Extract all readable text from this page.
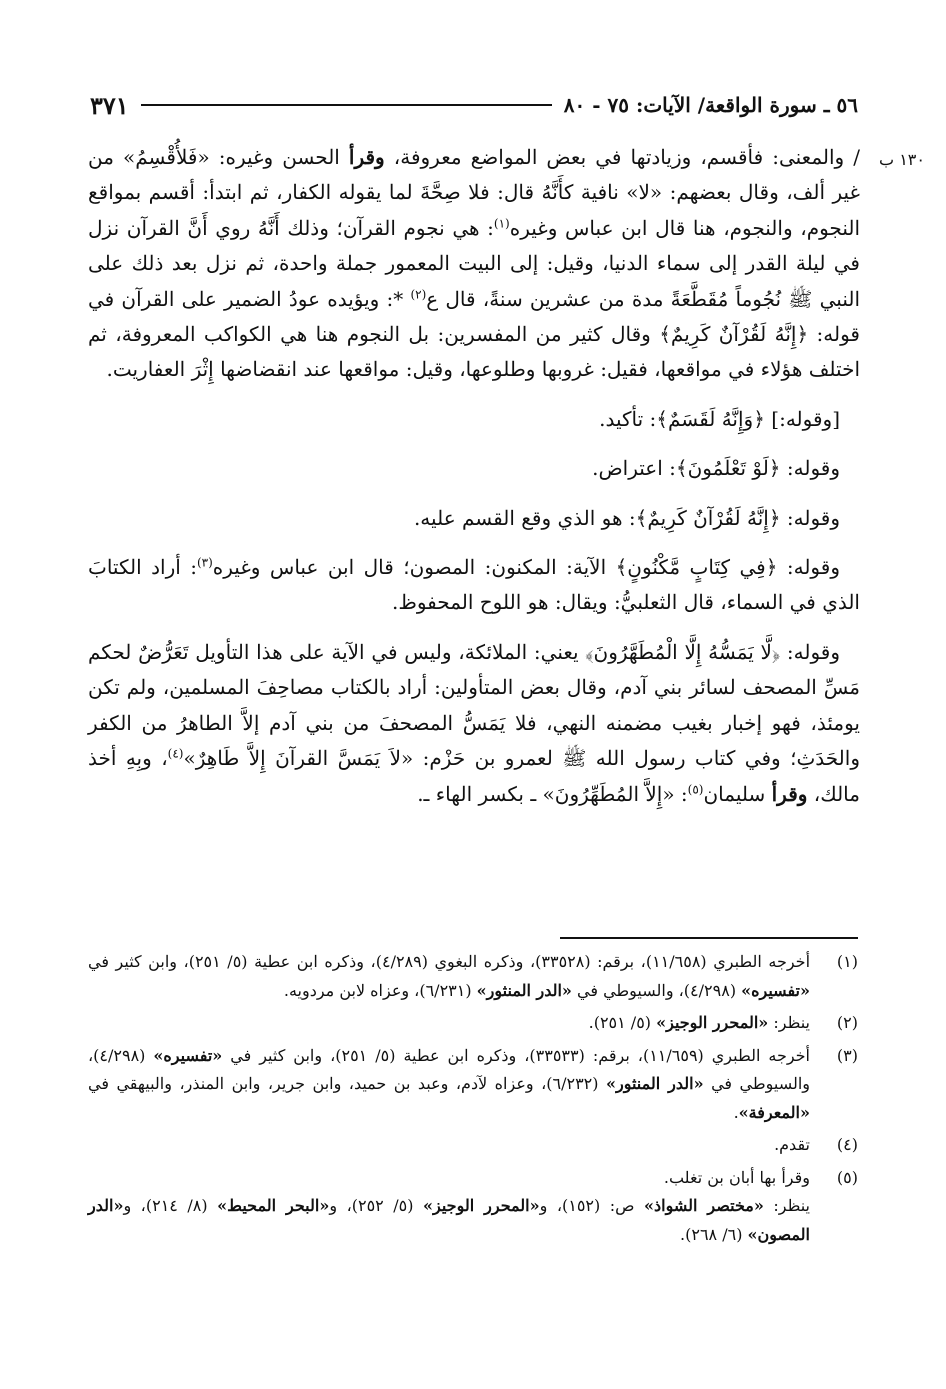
٥٦ ـ سورة الواقعة/ الآيات: ٧٥ - ٨٠
٣٧١
١٣٠ ب

/ والمعنى: فأقسم، وزيادتها في بعض المواضع معروفة، وقرأ الحسن وغيره: «فَلأُقْسِمُ» من غير ألف، وقال بعضهم: «لا» نافية كأَنَّهُ قال: فلا صِحَّةَ لما يقوله الكفار، ثم ابتدأ: أقسم بمواقع النجوم، والنجوم، هنا قال ابن عباس وغيره$^{(١)}$: هي نجوم القرآن؛ وذلك أَنَّهُ روي أَنَّ القرآن نزل في ليلة القدر إلى سماء الدنيا، وقيل: إلى البيت المعمور جملة واحدة، ثم نزل بعد ذلك على النبي ﷺ نُجُوماً مُقَطَّعَةً مدة من عشرين سنةً، قال ع$^{(٢)}$ *: ويؤيده عودُ الضمير على القرآن في قوله: ﴿إِنَّهُ لَقُرْآنٌ كَرِيمٌ﴾ وقال كثير من المفسرين: بل النجوم هنا هي الكواكب المعروفة، ثم اختلف هؤلاء في مواقعها، فقيل: غروبها وطلوعها، وقيل: مواقعها عند انقضاضها إِثْرَ العفاريت.

[وقوله:] ﴿وَإِنَّهُ لَقَسَمٌ﴾: تأكيد.

وقوله: ﴿لَوْ تَعْلَمُونَ﴾: اعتراض.

وقوله: ﴿إِنَّهُ لَقُرْآنٌ كَرِيمٌ﴾: هو الذي وقع القسم عليه.

وقوله: ﴿فِي كِتَابٍ مَّكْنُونٍ﴾ الآية: المكنون: المصون؛ قال ابن عباس وغيره$^{(٣)}$: أراد الكتابَ الذي في السماء، قال الثعلبيُّ: ويقال: هو اللوح المحفوظ.

وقوله: ﴿لَّا يَمَسُّهُ إِلَّا الْمُطَهَّرُونَ﴾ يعني: الملائكة، وليس في الآية على هذا التأويل تَعَرُّضٌ لحكم مَسِّ المصحف لسائر بني آدم، وقال بعض المتأولين: أراد بالكتاب مصاحِفَ المسلمين، ولم تكن يومئذ، فهو إخبار بغيب مضمنه النهي، فلا يَمَسُّ المصحفَ من بني آدم إلاَّ الطاهرُ من الكفر والحَدَثِ؛ وفي كتاب رسول الله ﷺ لعمرو بن حَزْم: «لاَ يَمَسَّ القرآنَ إِلاَّ طَاهِرٌ»$^{(٤)}$، وبِهِ أخذ مالك، وقرأ سليمان$^{(٥)}$: «إِلاَّ المُطَهِّرُونَ» ـ بكسر الهاء ـ.

(١)
أخرجه الطبري (١١/٦٥٨)، برقم: (٣٣٥٢٨)، وذكره البغوي (٤/٢٨٩)، وذكره ابن عطية (٥/ ٢٥١)، وابن كثير في «تفسيره» (٤/٢٩٨)، والسيوطي في «الدر المنثور» (٦/٢٣١)، وعزاه لابن مردويه.
(٢)
ينظر: «المحرر الوجيز» (٥/ ٢٥١).
(٣)
أخرجه الطبري (١١/٦٥٩)، برقم: (٣٣٥٣٣)، وذكره ابن عطية (٥/ ٢٥١)، وابن كثير في «تفسيره» (٤/٢٩٨)، والسيوطي في «الدر المنثور» (٦/٢٣٢)، وعزاه لآدم، وعبد بن حميد، وابن جرير، وابن المنذر، والبيهقي في «المعرفة».
(٤)
تقدم.
(٥)
وقرأ بها أبان بن تغلب.
ينظر: «مختصر الشواذ» ص: (١٥٢)، و«المحرر الوجيز» (٥/ ٢٥٢)، و«البحر المحيط» (٨/ ٢١٤)، و«الدر المصون» (٦/ ٢٦٨).
